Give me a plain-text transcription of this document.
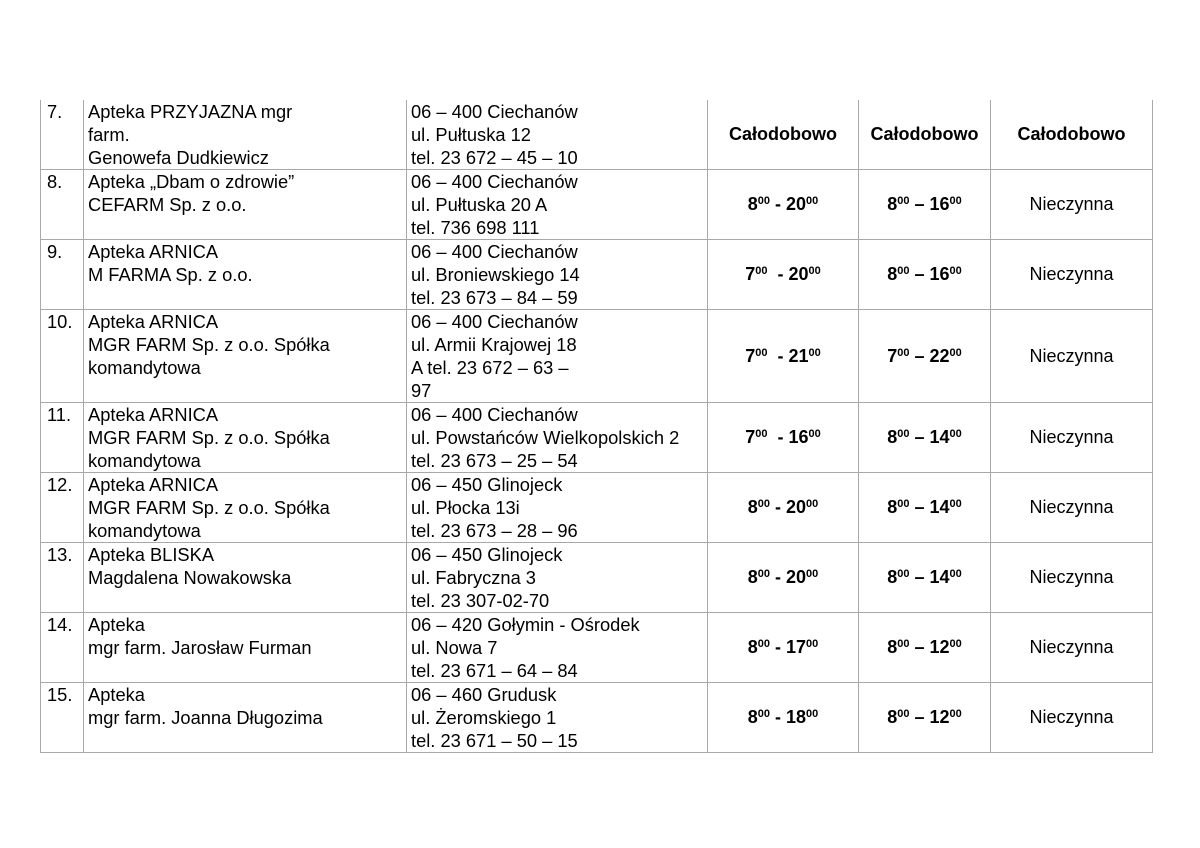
7.	Apteka PRZYJAZNA mgr
farm.
Genowefa Dudkiewicz	06 – 400 Ciechanów
ul. Pułtuska 12
tel. 23 672 – 45 – 10	Całodobowo	Całodobowo	Całodobowo
8.	Apteka „Dbam o zdrowie”
CEFARM Sp. z o.o.	06 – 400 Ciechanów
ul. Pułtuska 20 A
tel. 736 698 111	$8^{00} - 20^{00}$	$8^{00} - 16^{00}$	Nieczynna
9.	Apteka ARNICA
M FARMA Sp. z o.o.	06 – 400 Ciechanów
ul. Broniewskiego 14
tel. 23 673 – 84 – 59	$7^{00} - 20^{00}$	$8^{00} - 16^{00}$	Nieczynna
10.	Apteka ARNICA
MGR FARM Sp. z o.o. Spółka
komandytowa	06 – 400 Ciechanów
ul. Armii Krajowej 18
A tel. 23 672 – 63 –
97	$7^{00} - 21^{00}$	$7^{00} - 22^{00}$	Nieczynna
11.	Apteka ARNICA
MGR FARM Sp. z o.o. Spółka
komandytowa	06 – 400 Ciechanów
ul. Powstańców Wielkopolskich 2
tel. 23 673 – 25 – 54	$7^{00} - 16^{00}$	$8^{00} - 14^{00}$	Nieczynna
12.	Apteka ARNICA
MGR FARM Sp. z o.o. Spółka
komandytowa	06 – 450 Glinojeck
ul. Płocka 13i
tel. 23 673 – 28 – 96	$8^{00} - 20^{00}$	$8^{00} - 14^{00}$	Nieczynna
13.	Apteka BLISKA
Magdalena Nowakowska	06 – 450 Glinojeck
ul. Fabryczna 3
tel. 23 307-02-70	$8^{00} - 20^{00}$	$8^{00} - 14^{00}$	Nieczynna
14.	Apteka
mgr farm. Jarosław Furman	06 – 420 Gołymin - Ośrodek
ul. Nowa 7
tel. 23 671 – 64 – 84	$8^{00} - 17^{00}$	$8^{00} - 12^{00}$	Nieczynna
15.	Apteka
mgr farm. Joanna Długozima	06 – 460 Grudusk
ul. Żeromskiego 1
tel. 23 671 – 50 – 15	$8^{00} - 18^{00}$	$8^{00} - 12^{00}$	Nieczynna
